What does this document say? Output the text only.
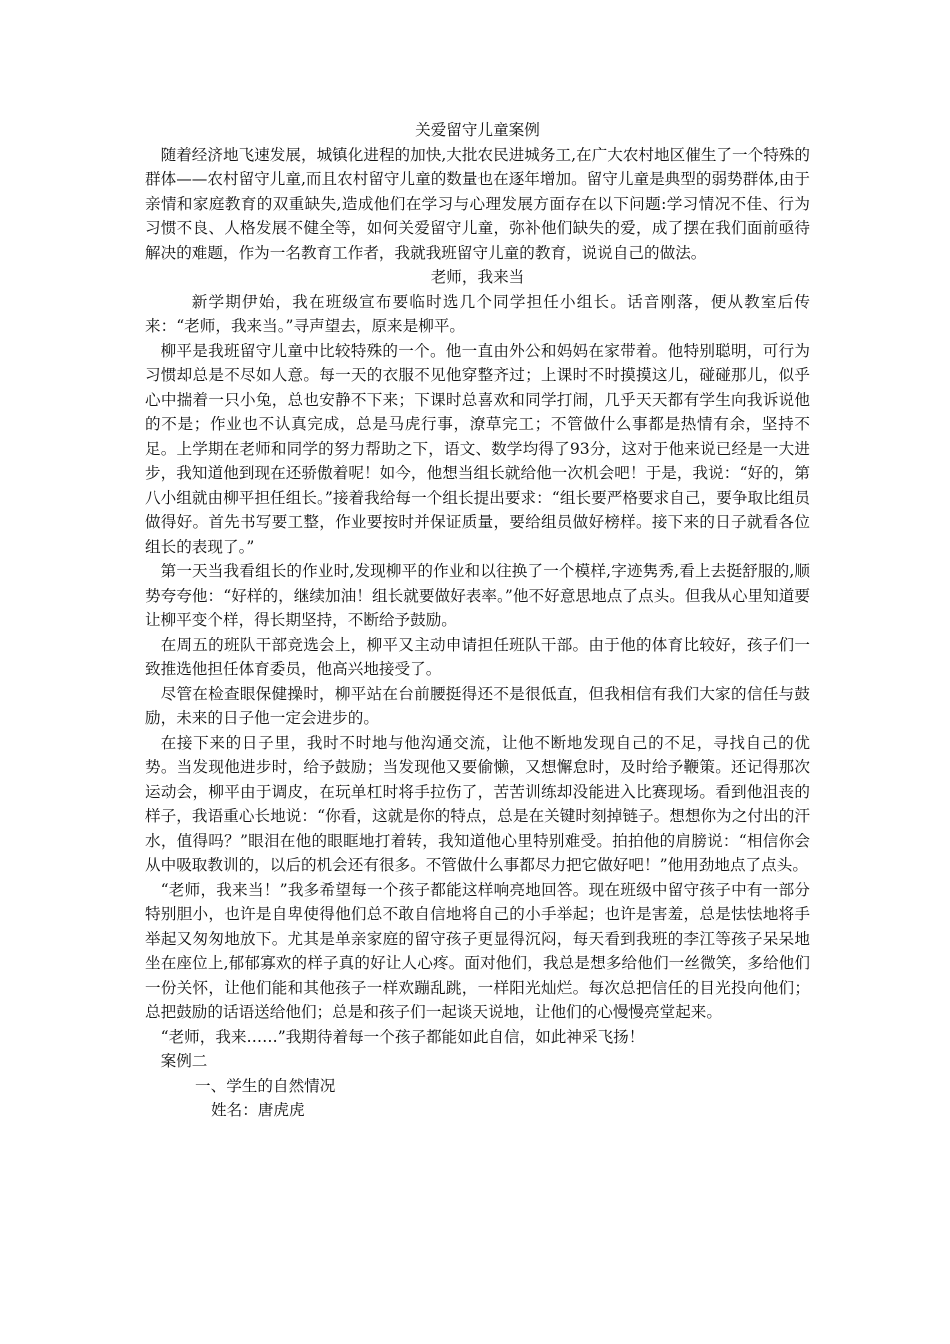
关爱留守儿童案例

随着经济地飞速发展，城镇化进程的加快,大批农民进城务工,在广大农村地区催生了一个特殊的群体——农村留守儿童,而且农村留守儿童的数量也在逐年增加。留守儿童是典型的弱势群体,由于亲情和家庭教育的双重缺失,造成他们在学习与心理发展方面存在以下问题:学习情况不佳、行为习惯不良、人格发展不健全等，如何关爱留守儿童，弥补他们缺失的爱，成了摆在我们面前亟待解决的难题，作为一名教育工作者，我就我班留守儿童的教育，说说自己的做法。

老师，我来当

新学期伊始，我在班级宣布要临时选几个同学担任小组长。话音刚落，便从教室后传来：“老师，我来当。”寻声望去，原来是柳平。

柳平是我班留守儿童中比较特殊的一个。他一直由外公和妈妈在家带着。他特别聪明，可行为习惯却总是不尽如人意。每一天的衣服不见他穿整齐过；上课时不时摸摸这儿，碰碰那儿，似乎心中揣着一只小兔，总也安静不下来；下课时总喜欢和同学打闹，几乎天天都有学生向我诉说他的不是；作业也不认真完成，总是马虎行事，潦草完工；不管做什么事都是热情有余，坚持不足。上学期在老师和同学的努力帮助之下，语文、数学均得了93分，这对于他来说已经是一大进步，我知道他到现在还骄傲着呢！如今，他想当组长就给他一次机会吧！于是，我说：“好的，第八小组就由柳平担任组长。”接着我给每一个组长提出要求：“组长要严格要求自己，要争取比组员做得好。首先书写要工整，作业要按时并保证质量，要给组员做好榜样。接下来的日子就看各位组长的表现了。”

第一天当我看组长的作业时,发现柳平的作业和以往换了一个模样,字迹隽秀,看上去挺舒服的,顺势夸夸他：“好样的，继续加油！组长就要做好表率。”他不好意思地点了点头。但我从心里知道要让柳平变个样，得长期坚持，不断给予鼓励。

在周五的班队干部竞选会上，柳平又主动申请担任班队干部。由于他的体育比较好，孩子们一致推选他担任体育委员，他高兴地接受了。

尽管在检查眼保健操时，柳平站在台前腰挺得还不是很低直，但我相信有我们大家的信任与鼓励，未来的日子他一定会进步的。

在接下来的日子里，我时不时地与他沟通交流，让他不断地发现自己的不足，寻找自己的优势。当发现他进步时，给予鼓励；当发现他又要偷懒，又想懈怠时，及时给予鞭策。还记得那次运动会，柳平由于调皮，在玩单杠时将手拉伤了，苦苦训练却没能进入比赛现场。看到他沮丧的样子，我语重心长地说：“你看，这就是你的特点，总是在关键时刻掉链子。想想你为之付出的汗水，值得吗？”眼泪在他的眼眶地打着转，我知道他心里特别难受。拍拍他的肩膀说：“相信你会从中吸取教训的，以后的机会还有很多。不管做什么事都尽力把它做好吧！”他用劲地点了点头。

“老师，我来当！”我多希望每一个孩子都能这样响亮地回答。现在班级中留守孩子中有一部分特别胆小，也许是自卑使得他们总不敢自信地将自己的小手举起；也许是害羞，总是怯怯地将手举起又匆匆地放下。尤其是单亲家庭的留守孩子更显得沉闷，每天看到我班的李江等孩子呆呆地坐在座位上,郁郁寡欢的样子真的好让人心疼。面对他们，我总是想多给他们一丝微笑，多给他们一份关怀，让他们能和其他孩子一样欢蹦乱跳，一样阳光灿烂。每次总把信任的目光投向他们；总把鼓励的话语送给他们；总是和孩子们一起谈天说地，让他们的心慢慢亮堂起来。

“老师，我来……”我期待着每一个孩子都能如此自信，如此神采飞扬！

案例二

一、学生的自然情况

姓名：唐虎虎
